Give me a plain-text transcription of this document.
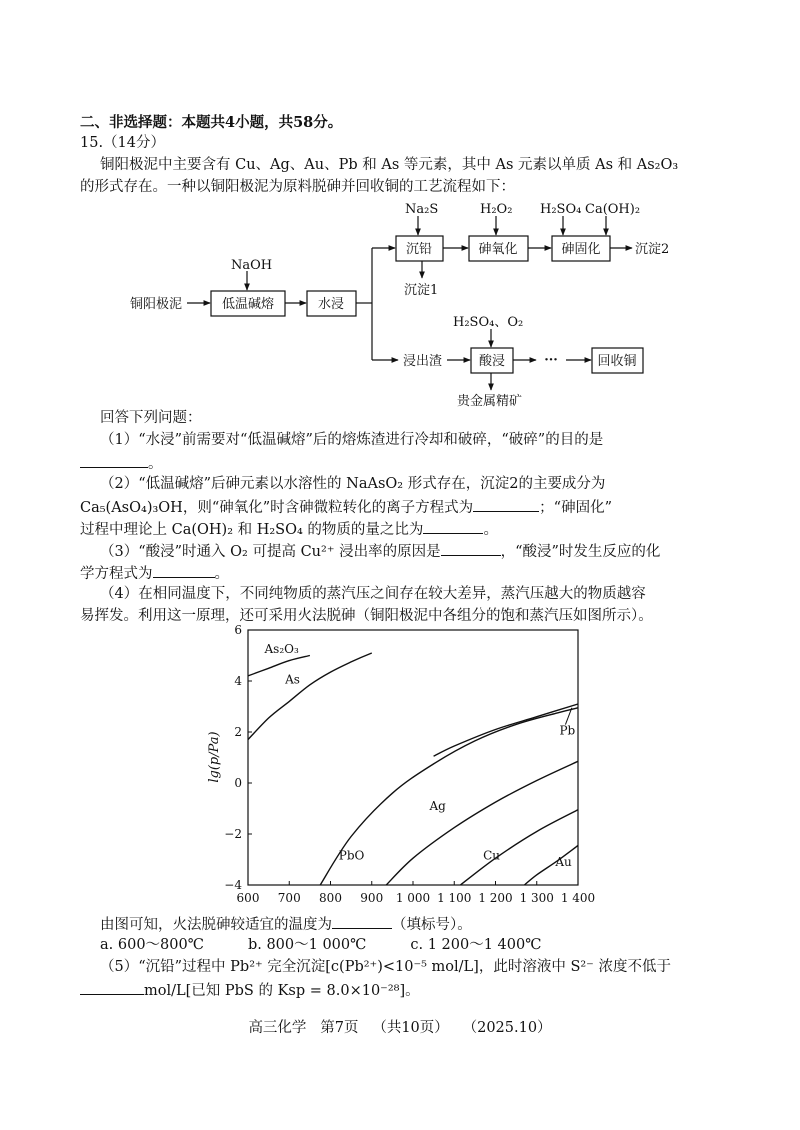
二、非选择题：本题共4小题，共58分。
15.（14分）
铜阳极泥中主要含有 Cu、Ag、Au、Pb 和 As 等元素，其中 As 元素以单质 As 和 As₂O₃
的形式存在。一种以铜阳极泥为原料脱砷并回收铜的工艺流程如下：
铜阳极泥
NaOH
低温碱熔	水浸
Na₂S
沉铅
沉淀1
H₂O₂
砷氧化
H₂SO₄ Ca(OH)₂
砷固化	沉淀2
浸出渣
H₂SO₄、O₂
酸浸	···	回收铜
贵金属精矿
回答下列问题：
（1）“水浸”前需要对“低温碱熔”后的熔炼渣进行冷却和破碎，“破碎”的目的是
。
（2）“低温碱熔”后砷元素以水溶性的 NaAsO₂ 形式存在，沉淀2的主要成分为
Ca₅(AsO₄)₃OH，则“砷氧化”时含砷微粒转化的离子方程式为	；“砷固化”
过程中理论上 Ca(OH)₂ 和 H₂SO₄ 的物质的量之比为	。
（3）“酸浸”时通入 O₂ 可提高 Cu²⁺ 浸出率的原因是	，“酸浸”时发生反应的化
学方程式为	。
（4）在相同温度下，不同纯物质的蒸汽压之间存在较大差异，蒸汽压越大的物质越容
易挥发。利用这一原理，还可采用火法脱砷（铜阳极泥中各组分的饱和蒸汽压如图所示）。
lg(p/Pa)
600 700 800 900 1 000 1 100 1 200 1 300 1 400
−4
−2
0
2
4
6
As₂O₃
As
Pb
PbO
Ag
Cu	Au
由图可知，火法脱砷较适宜的温度为	（填标号）。
a. 600～800℃	b. 800～1 000℃	c. 1 200～1 400℃
（5）“沉铅”过程中 Pb²⁺ 完全沉淀[c(Pb²⁺)<10⁻⁵ mol/L]，此时溶液中 S²⁻ 浓度不低于
mol/L[已知 PbS 的 Ksp = 8.0×10⁻²⁸]。
高三化学   第7页   （共10页）   （2025.10）
